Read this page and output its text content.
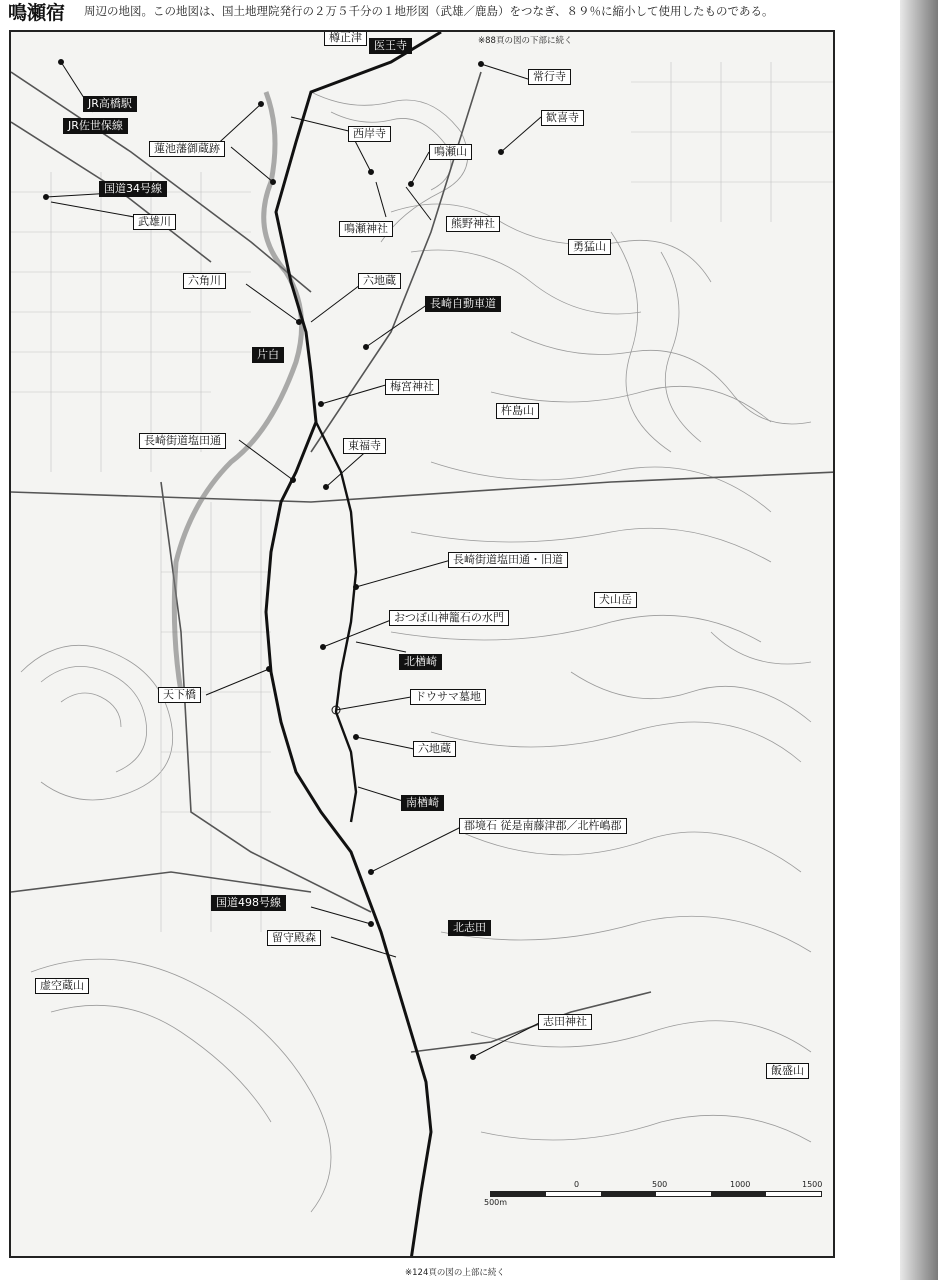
鳴瀬宿 周辺の地図。この地図は、国土地理院発行の２万５千分の１地形図（武雄／鹿島）をつなぎ、８９％に縮小して使用したものである。
※88頁の図の下部に続く
樽正津
医王寺
常行寺
JR高橋駅
JR佐世保線
西岸寺
歓喜寺
蓮池藩御蔵跡	鳴瀬山
国道34号線
武雄川	熊野神社
鳴瀬神社
勇猛山
六角川	六地蔵
長崎自動車道
片白
梅宮神社
杵島山
長崎街道塩田通	東福寺
長崎街道塩田通・旧道
犬山岳
おつぼ山神籠石の水門
北楢崎
天下橋	ドウサマ墓地
六地蔵
南楢崎
郡境石 従是南藤津郡／北杵嶋郡
国道498号線
北志田
留守殿森
虚空蔵山
志田神社
飯盛山
500m
0	500	1000	1500
※124頁の図の上部に続く
